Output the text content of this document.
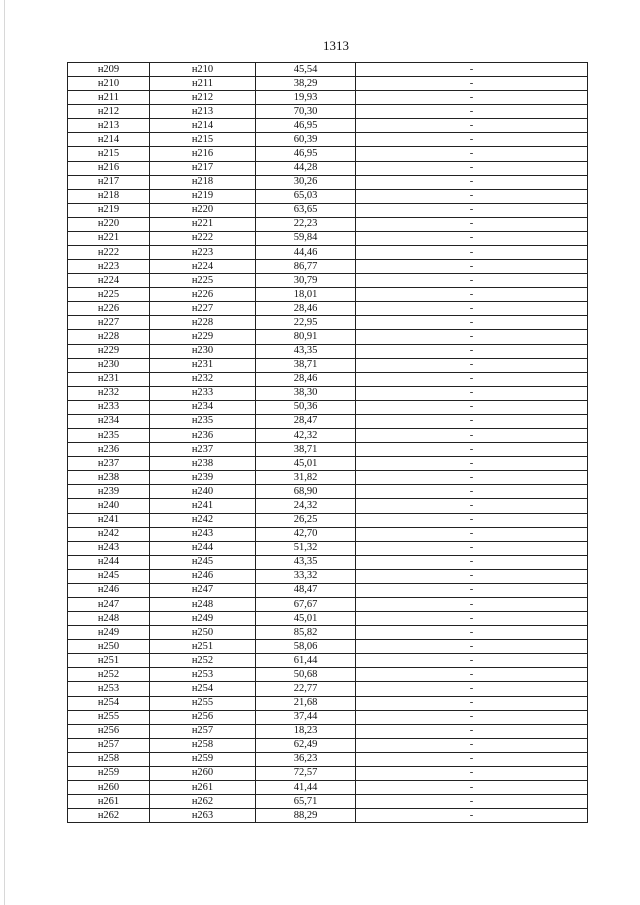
1313
н209	н210	45,54	-
н210	н211	38,29	-
н211	н212	19,93	-
н212	н213	70,30	-
н213	н214	46,95	-
н214	н215	60,39	-
н215	н216	46,95	-
н216	н217	44,28	-
н217	н218	30,26	-
н218	н219	65,03	-
н219	н220	63,65	-
н220	н221	22,23	-
н221	н222	59,84	-
н222	н223	44,46	-
н223	н224	86,77	-
н224	н225	30,79	-
н225	н226	18,01	-
н226	н227	28,46	-
н227	н228	22,95	-
н228	н229	80,91	-
н229	н230	43,35	-
н230	н231	38,71	-
н231	н232	28,46	-
н232	н233	38,30	-
н233	н234	50,36	-
н234	н235	28,47	-
н235	н236	42,32	-
н236	н237	38,71	-
н237	н238	45,01	-
н238	н239	31,82	-
н239	н240	68,90	-
н240	н241	24,32	-
н241	н242	26,25	-
н242	н243	42,70	-
н243	н244	51,32	-
н244	н245	43,35	-
н245	н246	33,32	-
н246	н247	48,47	-
н247	н248	67,67	-
н248	н249	45,01	-
н249	н250	85,82	-
н250	н251	58,06	-
н251	н252	61,44	-
н252	н253	50,68	-
н253	н254	22,77	-
н254	н255	21,68	-
н255	н256	37,44	-
н256	н257	18,23	-
н257	н258	62,49	-
н258	н259	36,23	-
н259	н260	72,57	-
н260	н261	41,44	-
н261	н262	65,71	-
н262	н263	88,29	-
